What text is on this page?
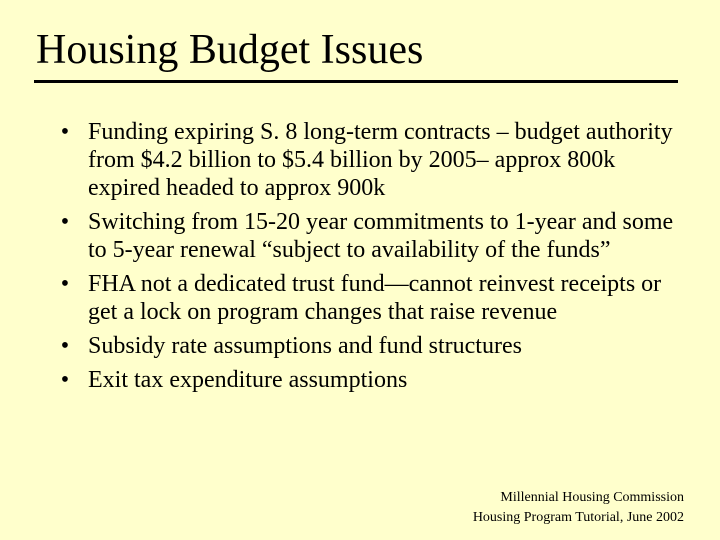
Housing Budget Issues
• Funding expiring S. 8 long-term contracts – budget authority from $4.2 billion to $5.4 billion by 2005– approx 800k expired headed to approx 900k
• Switching from 15-20 year commitments to 1-year and some to 5-year renewal “subject to availability of the funds”
• FHA not a dedicated trust fund—cannot reinvest receipts or get a lock on program changes that raise revenue
• Subsidy rate assumptions and fund structures
• Exit tax expenditure assumptions
Millennial Housing Commission
Housing Program Tutorial, June 2002
